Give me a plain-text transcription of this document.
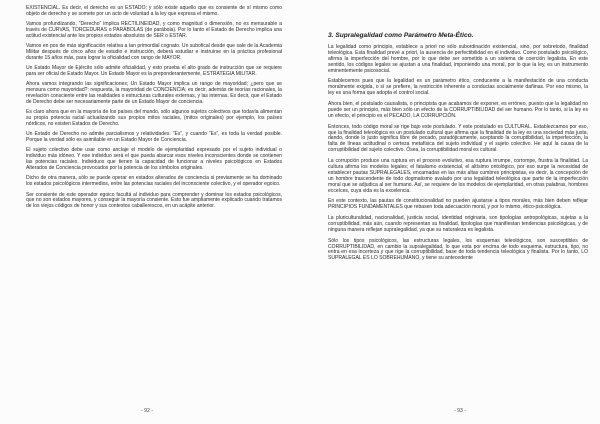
EXISTENCIAL. Es decir, el derecho es un ESTADO; y sólo existe aquello que es consiente de sí mismo como objeto de derecho y se somete por un acto de voluntad a la ley que expresa el mismo.

Vamos profundizando, “Derecho” implica RECTILINEIDAD, y como magnitud o dimensión, no es mensurable a través de CURVAS, TORCEDURAS o PARÁBOLAS (de parábola). Por lo tanto el Estado de Derecho implica una actitud existencial ante los propios estados absolutos de SER o ESTAR.

Vamos en pos de más significación relativa a tan primordial cognato. Un subofical desde que sale de la Academia Militar después de cinco años de estudio e instrucción, deberá estudiar e instruirse en la práctica profesional durante 15 años más, para lograr la oficialidad con rango de MAYOR.

Un Estado Mayor de Ejército sólo admite oficialidad, y esto prueba el alto grado de instrucción que se requiere para ser oficial de Estado Mayor. Un Estado Mayor es la preponderantemente, ESTRATEGIA MILITAR.

Ahora vamos integrando las significaciones; Un Estado Mayor implica un rango de mayoridad; ¿pero que se mensura como mayoridad?: respuesta, la mayoridad de CONCIENCIA; es decir, además de teorías racionales, la revelación consciente entre las realidades o estructuras culturales externas, y las internas. Es decir, que el Estado de Derecho debe ser necesariamente parte de un Estado Mayor de conciencia.

Es claro ahora que en la mayoría de los países del mundo, sólo algunos sujetos colectivos que todavía alimentan su propia potencia racial actualizando sus propios mitos raciales, (mitos originales) por ejemplo, los países nórdicos, no existen Estados de Derecho.

Un Estado de Derecho no admite parcialismos y relatividades. “Es”, y cuando “Es”, es toda la verdad posible. Porque la verdad sólo es asimilable en un Estado Mayor de Conciencia.

El sujeto colectivo debe usar como anclaje el modelo de ejemplaridad expresado por el sujeto individual o individuo más idóneo. Y ese individuo será el que pueda abarcar esos niveles inconscientes donde se contienen las potencias raciales. Individuos que tienen la capacidad de funcionar a niveles psicológicos en Estados Alterados de Conciencia provocados por la potencia de los símbolos originales.

Dicho de otra manera, sólo se puede operar en estados alterados de conciencia si previamente se ha dominado los estados psicológicos intermedios, entre las potencias raciales del inconsciente colectivo, y el operador egoico.

Ser consiente de este operador egoico facultá al individuo para comprender y dominar los estados psicológicos, que no son estados mayores, y conseguir la mayoría consiente. Esto fue ampliamente explicado cuando tratamos de los viejos códigos de honor y sus contextos caballerescos, en un acápite anterior.

- 92 -
3. Supralegalidad como Parámetro Meta-Ético.

La legalidad como principio, establece a priori no sólo subordinación existencial, sino, por sobretodo, finalidad teleológica. Esta finalidad prevé a priori, la ausencia de perfectibilidad en el individuo. Como postulado psicológico, afirma la imperfección del hombre, por lo que debe ser sometido a un sistema de coerción legalista. En este sentido, los códigos legales se ajustan a una finalidad, imponiendo una moral, por lo que la ley, es un instrumento eminentemente psicosocial.

Establecemos pues que la legalidad es un parámetro ético, conducente a la manifestación de una conducta moralmente exigida, o sí se prefiere, la restricción inherente a conductas socialmente dañinas. Por eso mismo, la ley es una forma que adopta el control social.

Ahora bien, el postulado causalista, o principista que acabamos de exponer, es erróneo, puesto que la legalidad no puede ser un principio, más bien sólo un efecto de la CORRUPTIBILIDAD del ser humano. Por lo tanto, si la ley es un efecto, el principio es el PECADO, LA CORRUPCIÓN.

Entonces, todo código moral se rige bajo este postulado. Y este postulado es CULTURAL. Establezcamos por eso, que la finalidad teleológica es un postulado cultural que afirma que la finalidad de la ley es una sociedad más justa, dando, donde lo justo significa libre de pecado, paradójicamente, aceptando la corruptibilidad, la imperfección, la falta de líneas actitudinal o certeza metafísica del sujeto individual y el sujeto colectivo. He aquí la causa de la corruptibilidad del sujeto colectivo. Ósea, la corruptibilidad moral es cultural.

La corrupción produce una ruptura en el proceso evolutivo, esa ruptura irrumpe, corrompe, frustra la finalidad. La cultura afirma los modelos legales; el fatalismo existencial, el altísimo ontológico, por eso surge la necesidad de establecer pautas SUPRALEGALES, encarnadas en las más altas cumbres principistas, es decir, la concepción de un hombre trascendente de todo dogmatismo avalado por una legalidad teleológica que parte de la imperfección moral que se adjudica al ser humano. Así, se requiere de los modelos de ejemplaridad, en otras palabras, hombres ecceíces, cuya vida es la excelencia.

En este contexto, las pautas de constitucionalidad no pueden ajustarse a tipos morales, más bien deben reflejar PRINCIPIOS FUNDAMENTALES que rebasen toda adecuación moral, y por lo mismo, ético-psicológica.

La pluriculturalidad, nacionalidad, justicia social, identidad originaria, son tipologías antropológicas, sujetas a la corruptibilidad, más aún, cuando representan su finalidad, tipologías que manifiestan tendencias psicológicas, y de ninguna manera reflejan supralegalidad, ya que su naturaleza es legalista.

Sólo los tipos psicológicos, las estructuras legales, los esquemas teleológicos, son susceptibles de CORRUPTIBILIDAD, en cambio la supralegalidad, lo que esta por encima de todo esquema, estructura, tipo, no entra en esa incerteza y que rige la corruptibilidad, base de toda tendencia teleológica y finalista. Por lo tanto, LO SUPRALEGAL ES LO SOBREHUMANO, y tiene su antecedente

- 93 -
